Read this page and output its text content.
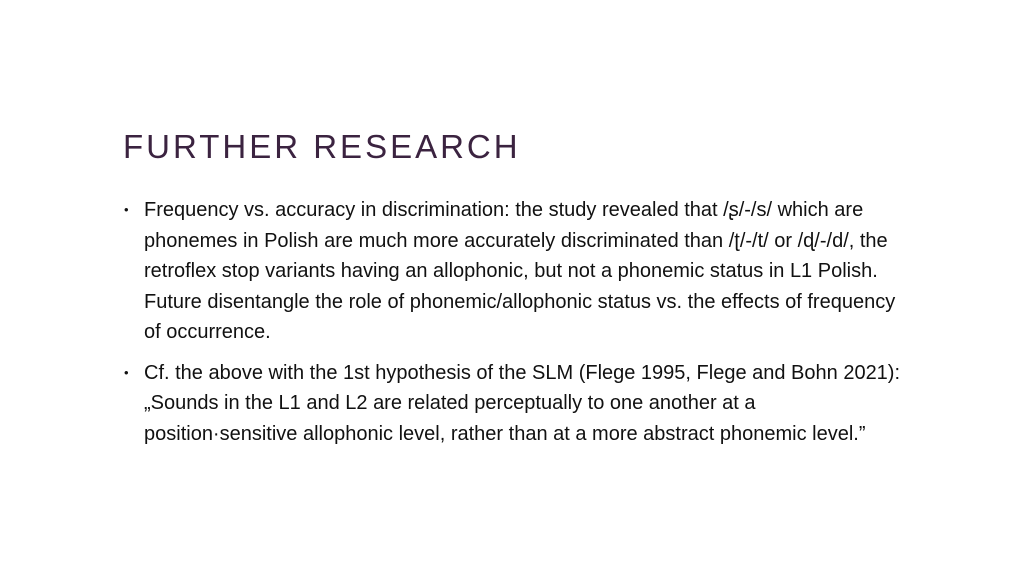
FURTHER RESEARCH
• Frequency vs. accuracy in discrimination: the study revealed that /ʂ/-/s/ which are phonemes in Polish are much more accurately discriminated than /ʈ/-/t/ or /ɖ/-/d/, the retroflex stop variants having an allophonic, but not a phonemic status in L1 Polish. Future disentangle the role of phonemic/allophonic status vs. the effects of frequency of occurrence.
• Cf. the above with the 1st hypothesis of the SLM (Flege 1995, Flege and Bohn 2021): „Sounds in the L1 and L2 are related perceptually to one another at a position·sensitive allophonic level, rather than at a more abstract phonemic level.”
